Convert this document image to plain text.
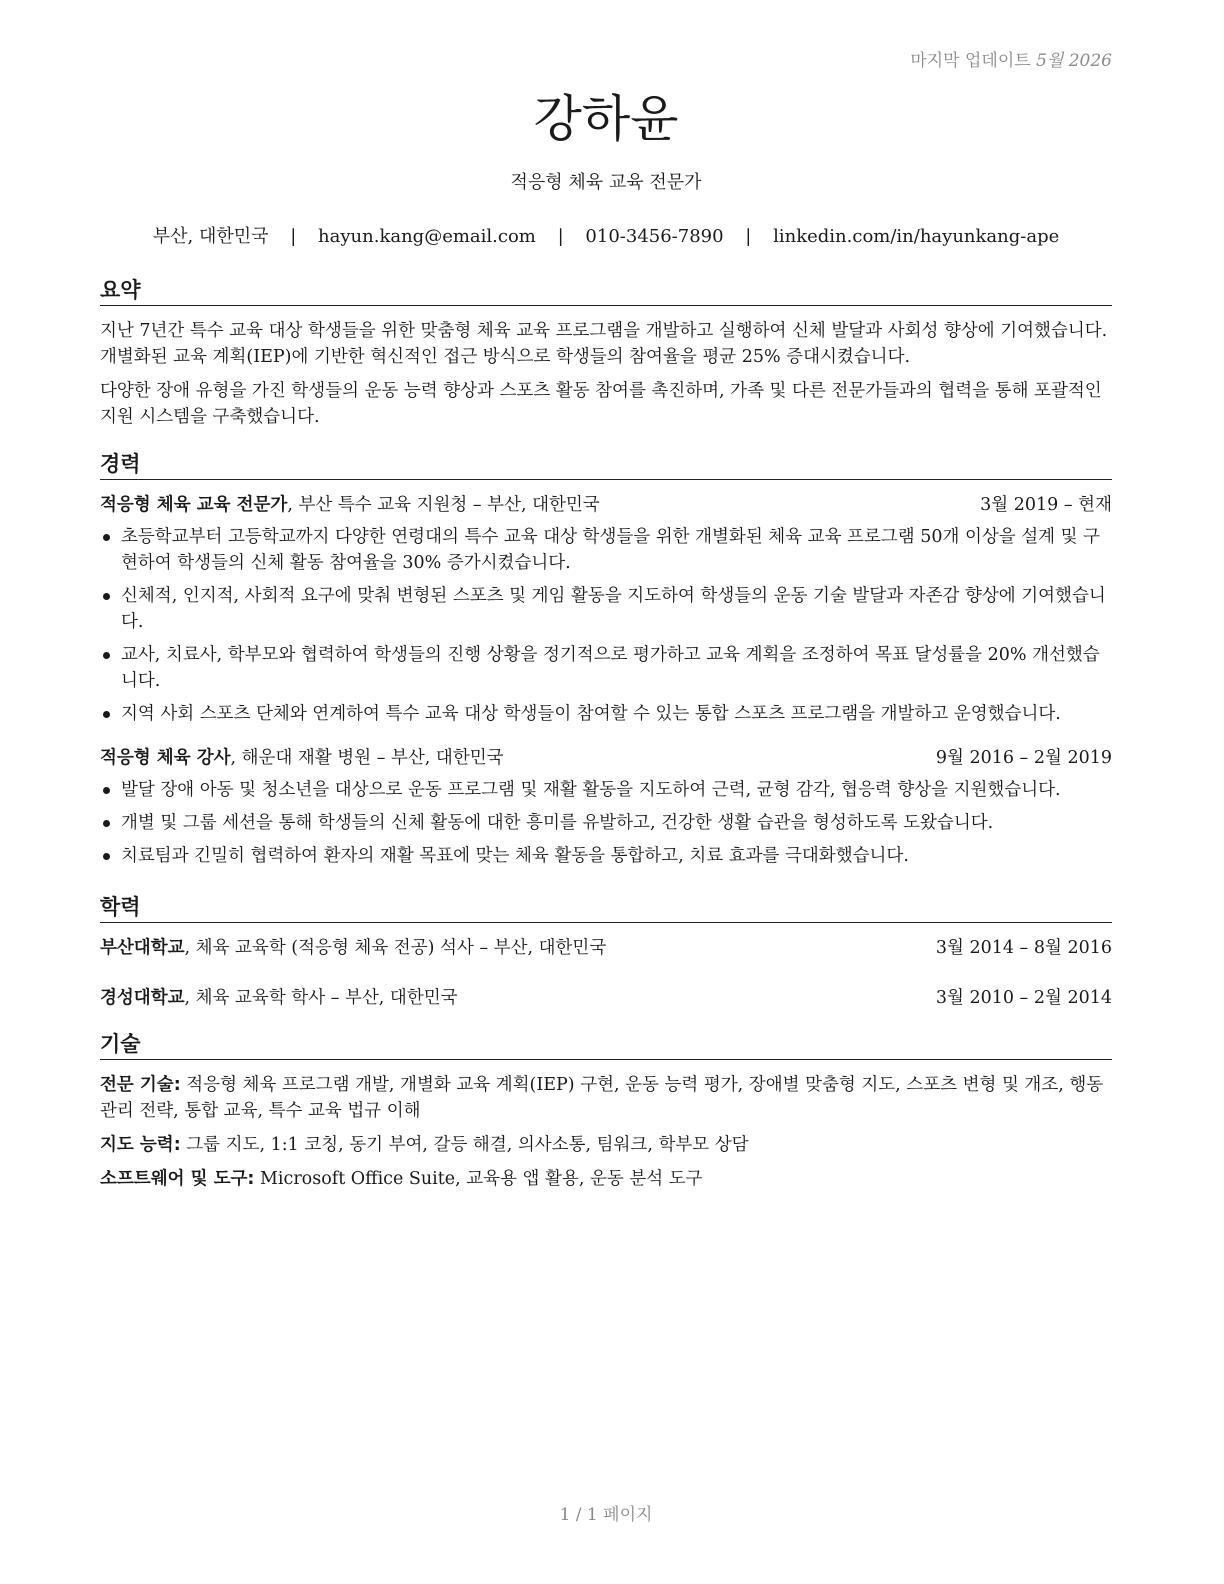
마지막 업데이트 5월 2026
강하윤
적응형 체육 교육 전문가
부산, 대한민국 | hayun.kang@email.com | 010-3456-7890 | linkedin.com/in/hayunkang-ape
요약

지난 7년간 특수 교육 대상 학생들을 위한 맞춤형 체육 교육 프로그램을 개발하고 실행하여 신체 발달과 사회성 향상에 기여했습니다. 개별화된 교육 계획(IEP)에 기반한 혁신적인 접근 방식으로 학생들의 참여율을 평균 25% 증대시켰습니다.

다양한 장애 유형을 가진 학생들의 운동 능력 향상과 스포츠 활동 참여를 촉진하며, 가족 및 다른 전문가들과의 협력을 통해 포괄적인 지원 시스템을 구축했습니다.

경력
적응형 체육 교육 전문가, 부산 특수 교육 지원청 – 부산, 대한민국	3월 2019 – 현재
초등학교부터 고등학교까지 다양한 연령대의 특수 교육 대상 학생들을 위한 개별화된 체육 교육 프로그램 50개 이상을 설계 및 구현하여 학생들의 신체 활동 참여율을 30% 증가시켰습니다.
신체적, 인지적, 사회적 요구에 맞춰 변형된 스포츠 및 게임 활동을 지도하여 학생들의 운동 기술 발달과 자존감 향상에 기여했습니다.
교사, 치료사, 학부모와 협력하여 학생들의 진행 상황을 정기적으로 평가하고 교육 계획을 조정하여 목표 달성률을 20% 개선했습니다.
지역 사회 스포츠 단체와 연계하여 특수 교육 대상 학생들이 참여할 수 있는 통합 스포츠 프로그램을 개발하고 운영했습니다.
적응형 체육 강사, 해운대 재활 병원 – 부산, 대한민국	9월 2016 – 2월 2019
발달 장애 아동 및 청소년을 대상으로 운동 프로그램 및 재활 활동을 지도하여 근력, 균형 감각, 협응력 향상을 지원했습니다.
개별 및 그룹 세션을 통해 학생들의 신체 활동에 대한 흥미를 유발하고, 건강한 생활 습관을 형성하도록 도왔습니다.
치료팀과 긴밀히 협력하여 환자의 재활 목표에 맞는 체육 활동을 통합하고, 치료 효과를 극대화했습니다.
학력
부산대학교, 체육 교육학 (적응형 체육 전공) 석사 – 부산, 대한민국	3월 2014 – 8월 2016
경성대학교, 체육 교육학 학사 – 부산, 대한민국	3월 2010 – 2월 2014
기술

전문 기술: 적응형 체육 프로그램 개발, 개별화 교육 계획(IEP) 구현, 운동 능력 평가, 장애별 맞춤형 지도, 스포츠 변형 및 개조, 행동 관리 전략, 통합 교육, 특수 교육 법규 이해

지도 능력: 그룹 지도, 1:1 코칭, 동기 부여, 갈등 해결, 의사소통, 팀워크, 학부모 상담

소프트웨어 및 도구: Microsoft Office Suite, 교육용 앱 활용, 운동 분석 도구

1 / 1 페이지
